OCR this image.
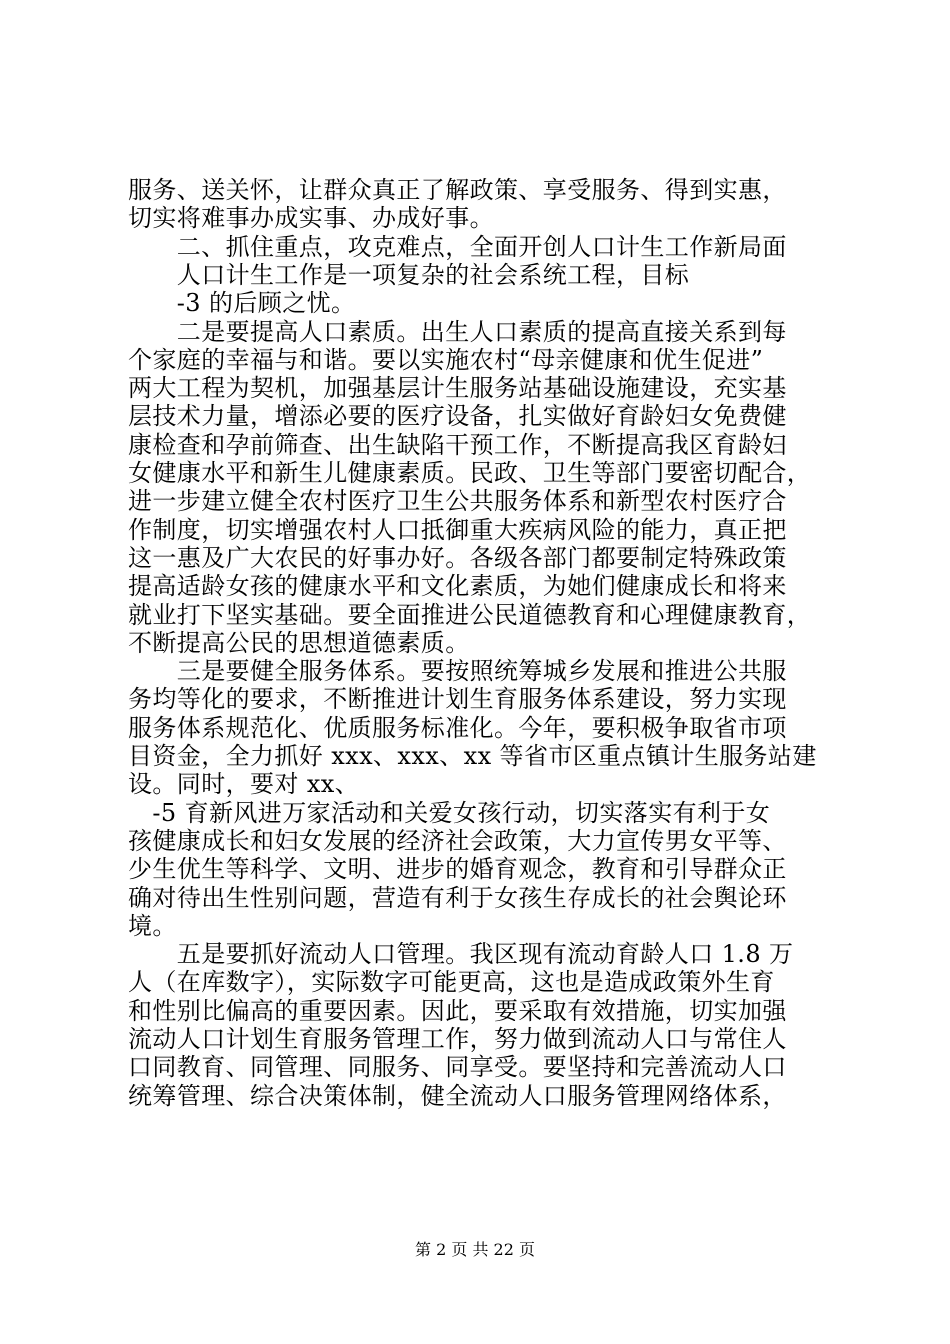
服务、送关怀，让群众真正了解政策、享受服务、得到实惠，
切实将难事办成实事、办成好事。
　　二、抓住重点，攻克难点，全面开创人口计生工作新局面
　　人口计生工作是一项复杂的社会系统工程，目标
　　-3 的后顾之忧。
　　二是要提高人口素质。出生人口素质的提高直接关系到每
个家庭的幸福与和谐。要以实施农村“母亲健康和优生促进”
两大工程为契机，加强基层计生服务站基础设施建设，充实基
层技术力量，增添必要的医疗设备，扎实做好育龄妇女免费健
康检查和孕前筛查、出生缺陷干预工作，不断提高我区育龄妇
女健康水平和新生儿健康素质。民政、卫生等部门要密切配合，
进一步建立健全农村医疗卫生公共服务体系和新型农村医疗合
作制度，切实增强农村人口抵御重大疾病风险的能力，真正把
这一惠及广大农民的好事办好。各级各部门都要制定特殊政策
提高适龄女孩的健康水平和文化素质，为她们健康成长和将来
就业打下坚实基础。要全面推进公民道德教育和心理健康教育，
不断提高公民的思想道德素质。
　　三是要健全服务体系。要按照统筹城乡发展和推进公共服
务均等化的要求，不断推进计划生育服务体系建设，努力实现
服务体系规范化、优质服务标准化。今年，要积极争取省市项
目资金，全力抓好 xxx、xxx、xx 等省市区重点镇计生服务站建
设。同时，要对 xx、
　-5 育新风进万家活动和关爱女孩行动，切实落实有利于女
孩健康成长和妇女发展的经济社会政策，大力宣传男女平等、
少生优生等科学、文明、进步的婚育观念，教育和引导群众正
确对待出生性别问题，营造有利于女孩生存成长的社会舆论环
境。
　　五是要抓好流动人口管理。我区现有流动育龄人口 1.8 万
人（在库数字），实际数字可能更高，这也是造成政策外生育
和性别比偏高的重要因素。因此，要采取有效措施，切实加强
流动人口计划生育服务管理工作，努力做到流动人口与常住人
口同教育、同管理、同服务、同享受。要坚持和完善流动人口
统筹管理、综合决策体制，健全流动人口服务管理网络体系，
第 2 页 共 22 页
